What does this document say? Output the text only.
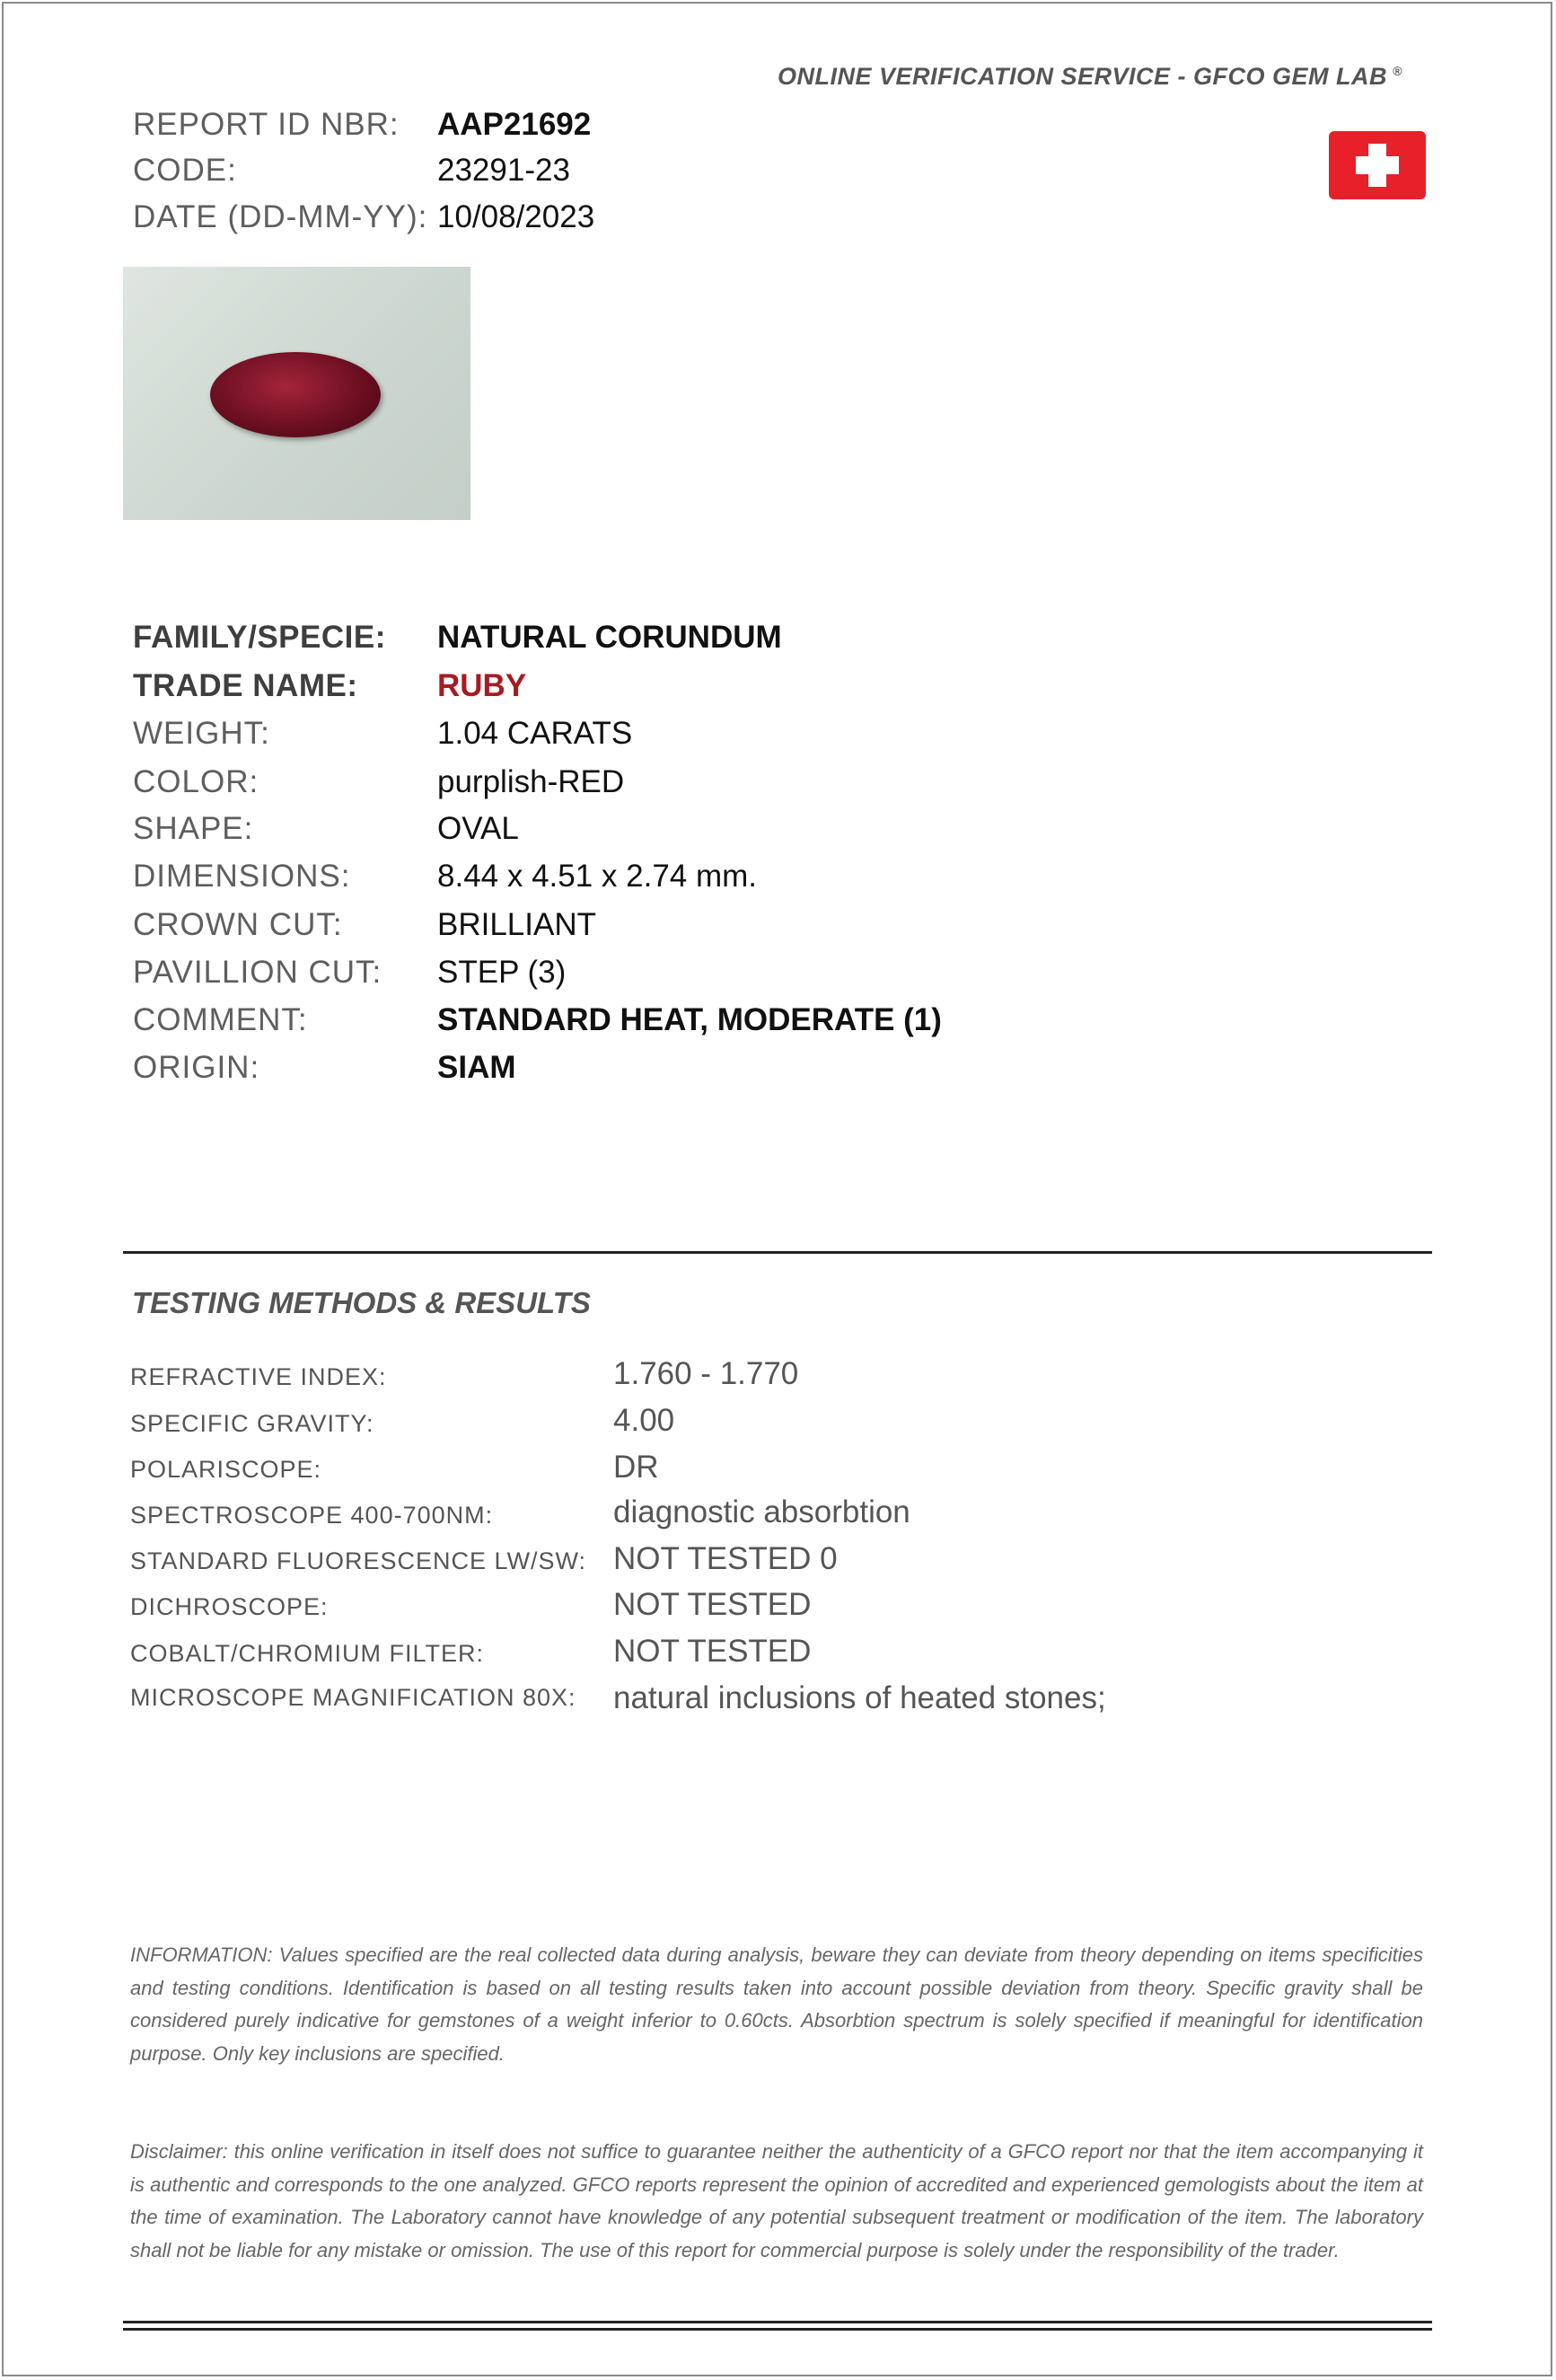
ONLINE VERIFICATION SERVICE - GFCO GEM LAB ®
REPORT ID NBR: AAP21692
CODE:	23291-23
DATE (DD-MM-YY): 10/08/2023
FAMILY/SPECIE: NATURAL CORUNDUM
TRADE NAME:	RUBY
WEIGHT:	1.04 CARATS
COLOR:	purplish-RED
SHAPE:	OVAL
DIMENSIONS:	8.44 x 4.51 x 2.74 mm.
CROWN CUT:	BRILLIANT
PAVILLION CUT: STEP (3)
COMMENT:	STANDARD HEAT, MODERATE (1)
ORIGIN:	SIAM
TESTING METHODS & RESULTS
REFRACTIVE INDEX:	1.760 - 1.770
SPECIFIC GRAVITY:	4.00
POLARISCOPE:	DR
SPECTROSCOPE 400-700NM:	diagnostic absorbtion
STANDARD FLUORESCENCE LW/SW: NOT TESTED 0
DICHROSCOPE:	NOT TESTED
COBALT/CHROMIUM FILTER:	NOT TESTED
MICROSCOPE MAGNIFICATION 80X: natural inclusions of heated stones;
INFORMATION: Values specified are the real collected data during analysis, beware they can deviate from theory depending on items specificities and testing conditions. Identification is based on all testing results taken into account possible deviation from theory. Specific gravity shall be considered purely indicative for gemstones of a weight inferior to 0.60cts. Absorbtion spectrum is solely specified if meaningful for identification purpose. Only key inclusions are specified.
Disclaimer: this online verification in itself does not suffice to guarantee neither the authenticity of a GFCO report nor that the item accompanying it is authentic and corresponds to the one analyzed. GFCO reports represent the opinion of accredited and experienced gemologists about the item at the time of examination. The Laboratory cannot have knowledge of any potential subsequent treatment or modification of the item. The laboratory shall not be liable for any mistake or omission. The use of this report for commercial purpose is solely under the responsibility of the trader.
